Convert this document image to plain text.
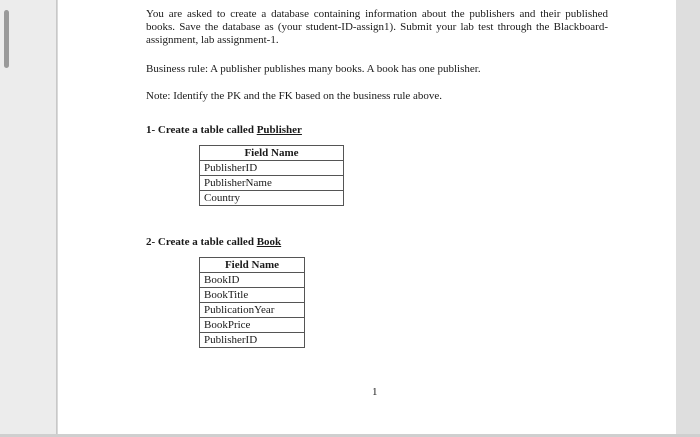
You are asked to create a database containing information about the publishers and their published books. Save the database as (your student-ID-assign1). Submit your lab test through the Blackboard-assignment, lab assignment-1.

Business rule: A publisher publishes many books. A book has one publisher.

Note: Identify the PK and the FK based on the business rule above.

1- Create a table called Publisher
Field Name
PublisherID
PublisherName
Country
2- Create a table called Book
Field Name
BookID
BookTitle
PublicationYear
BookPrice
PublisherID
1
